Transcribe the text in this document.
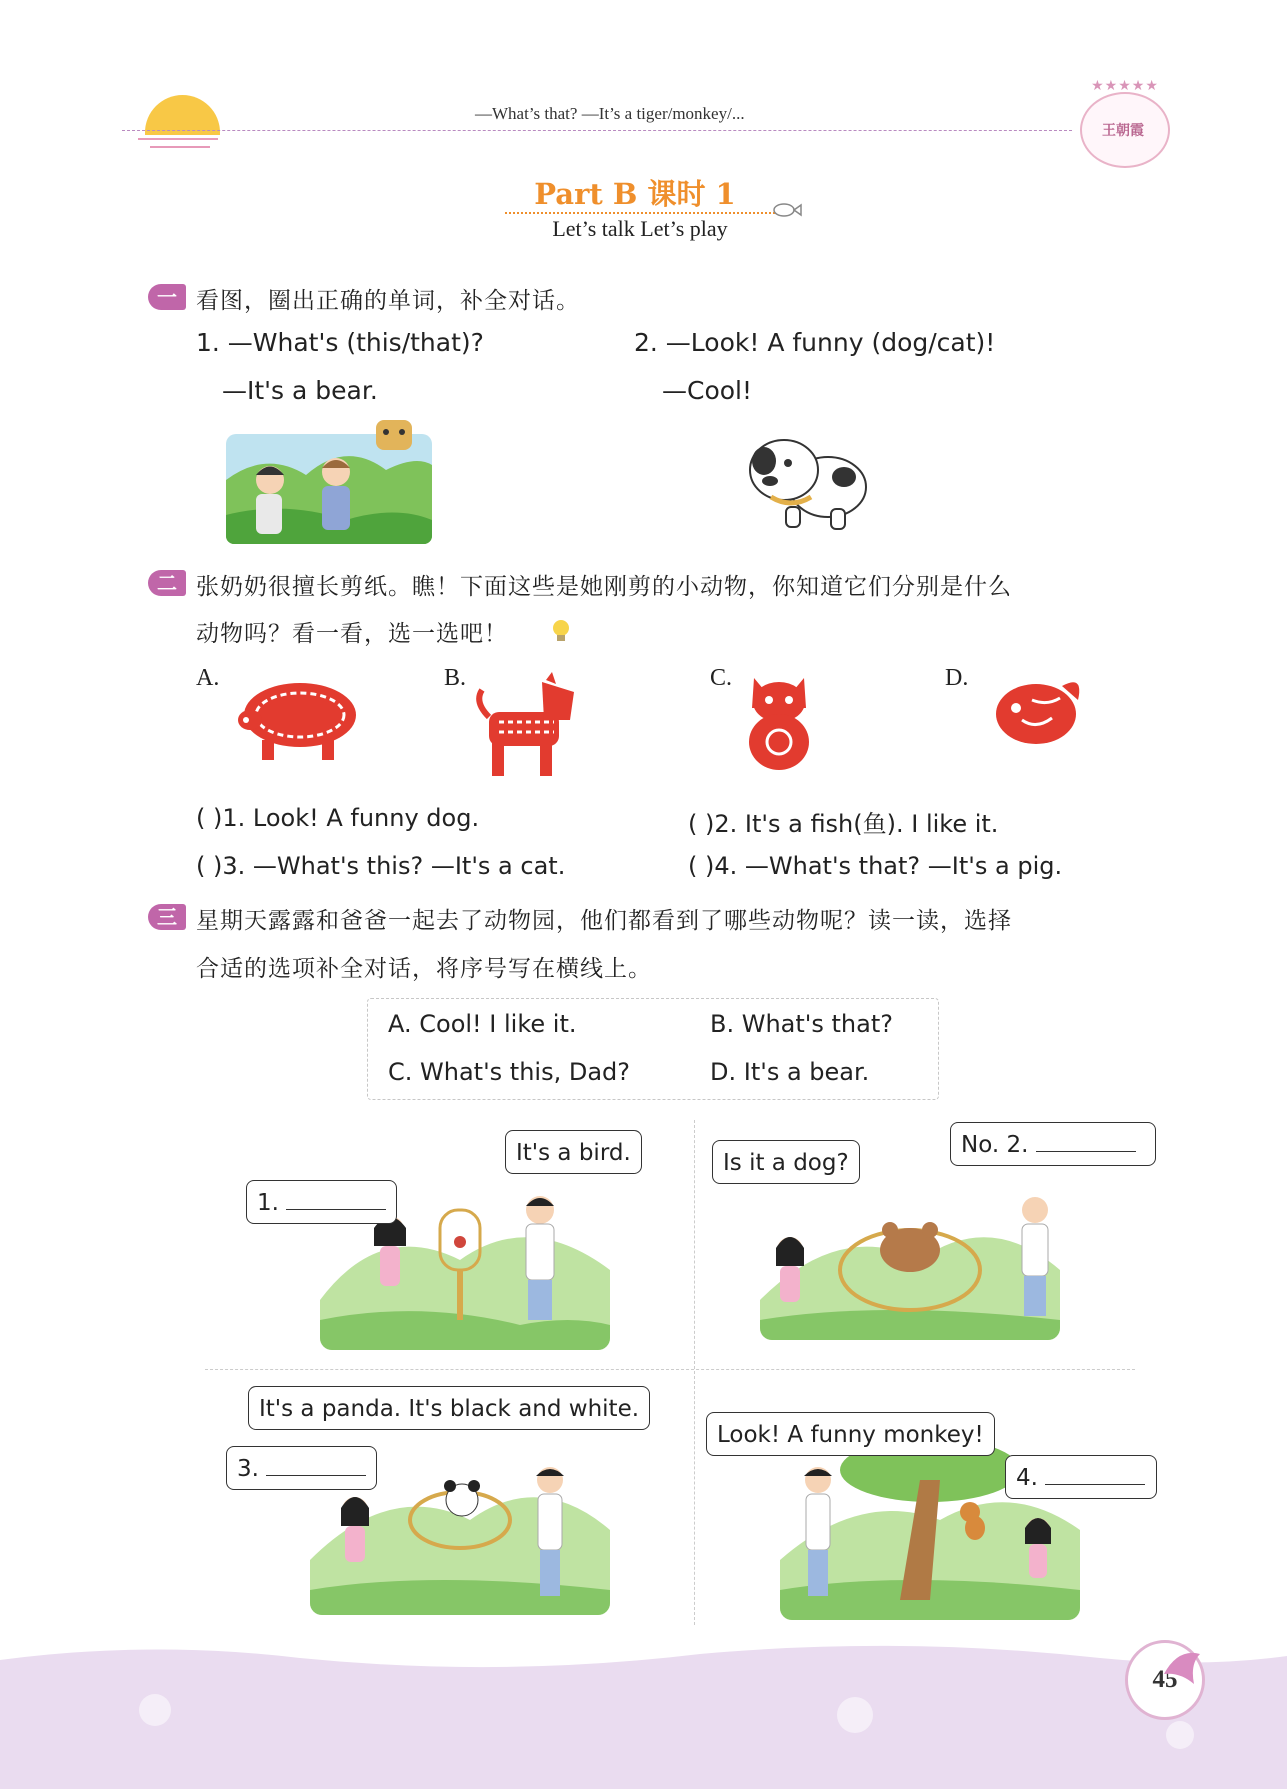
—What’s that? —It’s a tiger/monkey/...
★★★★★
王朝霞
Part B 课时 1
Let’s talk Let’s play
一 看图，圈出正确的单词，补全对话。
1. —What's (this/that)?
—It's a bear.
2. —Look! A funny (dog/cat)!
—Cool!
二 张奶奶很擅长剪纸。瞧！下面这些是她刚剪的小动物，你知道它们分别是什么
动物吗？看一看，选一选吧！
A.	B.	C.	D.
( )1. Look! A funny dog.	( )2. It's a fish(鱼). I like it.
( )3. —What's this? —It's a cat.	( )4. —What's that? —It's a pig.
三 星期天露露和爸爸一起去了动物园，他们都看到了哪些动物呢？读一读，选择
合适的选项补全对话，将序号写在横线上。
A. Cool! I like it.	B. What's that?
C. What's this, Dad?	D. It's a bear.
It's a bird.
1.
Is it a dog?
No. 2.
It's a panda. It's black and white.
3.
Look! A funny monkey!
4.
45
